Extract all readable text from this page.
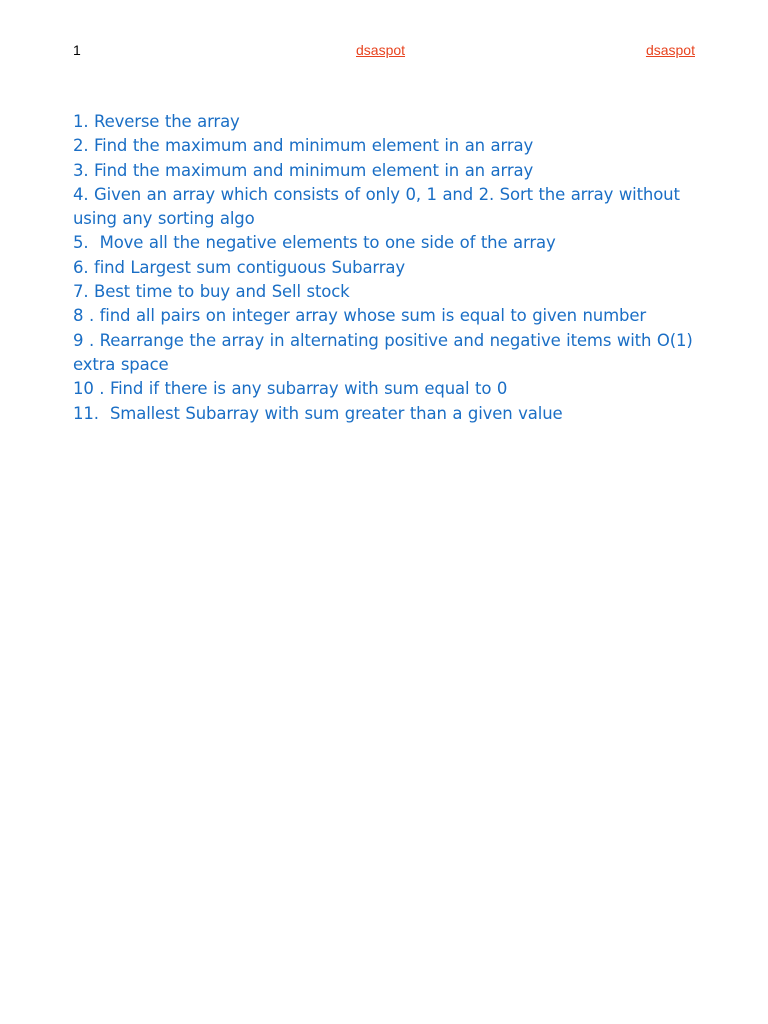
1	dsaspot	dsaspot
1. Reverse the array
2. Find the maximum and minimum element in an array
3. Find the maximum and minimum element in an array
4. Given an array which consists of only 0, 1 and 2. Sort the array without using any sorting algo
5.  Move all the negative elements to one side of the array
6. find Largest sum contiguous Subarray
7. Best time to buy and Sell stock
8 . find all pairs on integer array whose sum is equal to given number
9 . Rearrange the array in alternating positive and negative items with O(1) extra space
10 . Find if there is any subarray with sum equal to 0
11.  Smallest Subarray with sum greater than a given value
